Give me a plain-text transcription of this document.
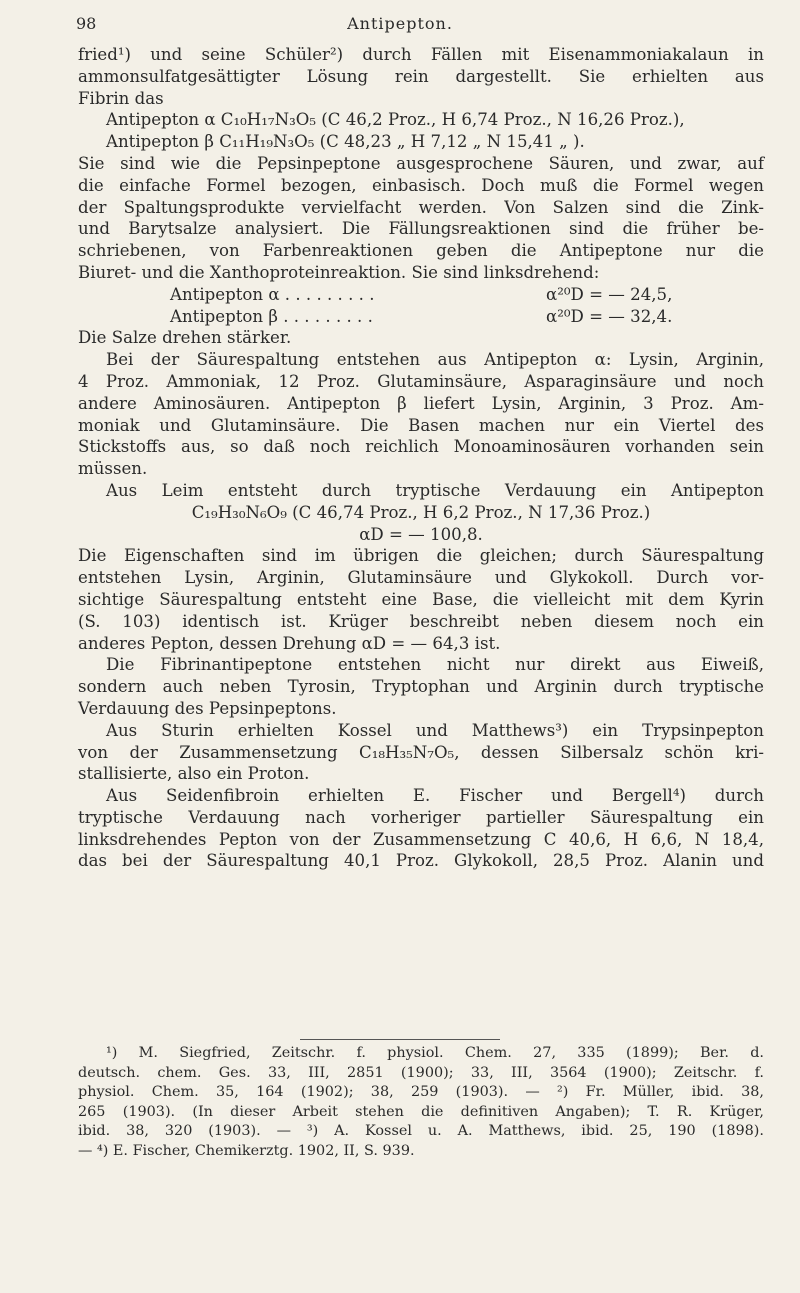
98	Antipepton.
fried¹) und seine Schüler²) durch Fällen mit Eisenammoniakalaun in
ammonsulfatgesättigter Lösung rein dargestellt. Sie erhielten aus
Fibrin das
Antipepton α C₁₀H₁₇N₃O₅ (C 46,2 Proz., H 6,74 Proz., N 16,26 Proz.),
Antipepton β C₁₁H₁₉N₃O₅ (C 48,23 „ H 7,12 „ N 15,41 „ ).
Sie sind wie die Pepsinpeptone ausgesprochene Säuren, und zwar, auf
die einfache Formel bezogen, einbasisch. Doch muß die Formel wegen
der Spaltungsprodukte vervielfacht werden. Von Salzen sind die Zink-
und Barytsalze analysiert. Die Fällungsreaktionen sind die früher be-
schriebenen, von Farbenreaktionen geben die Antipeptone nur die
Biuret- und die Xanthoproteinreaktion. Sie sind linksdrehend:
Antipepton α . . . . . . . . .	α²⁰D = — 24,5,
Antipepton β . . . . . . . . .	α²⁰D = — 32,4.
Die Salze drehen stärker.
Bei der Säurespaltung entstehen aus Antipepton α: Lysin, Arginin,
4 Proz. Ammoniak, 12 Proz. Glutaminsäure, Asparaginsäure und noch
andere Aminosäuren. Antipepton β liefert Lysin, Arginin, 3 Proz. Am-
moniak und Glutaminsäure. Die Basen machen nur ein Viertel des
Stickstoffs aus, so daß noch reichlich Monoaminosäuren vorhanden sein
müssen.
Aus Leim entsteht durch tryptische Verdauung ein Antipepton
C₁₉H₃₀N₆O₉ (C 46,74 Proz., H 6,2 Proz., N 17,36 Proz.)
αD = — 100,8.
Die Eigenschaften sind im übrigen die gleichen; durch Säurespaltung
entstehen Lysin, Arginin, Glutaminsäure und Glykokoll. Durch vor-
sichtige Säurespaltung entsteht eine Base, die vielleicht mit dem Kyrin
(S. 103) identisch ist. Krüger beschreibt neben diesem noch ein
anderes Pepton, dessen Drehung αD = — 64,3 ist.
Die Fibrinantipeptone entstehen nicht nur direkt aus Eiweiß,
sondern auch neben Tyrosin, Tryptophan und Arginin durch tryptische
Verdauung des Pepsinpeptons.
Aus Sturin erhielten Kossel und Matthews³) ein Trypsinpepton
von der Zusammensetzung C₁₈H₃₅N₇O₅, dessen Silbersalz schön kri-
stallisierte, also ein Proton.
Aus Seidenfibroin erhielten E. Fischer und Bergell⁴) durch
tryptische Verdauung nach vorheriger partieller Säurespaltung ein
linksdrehendes Pepton von der Zusammensetzung C 40,6, H 6,6, N 18,4,
das bei der Säurespaltung 40,1 Proz. Glykokoll, 28,5 Proz. Alanin und
¹) M. Siegfried, Zeitschr. f. physiol. Chem. 27, 335 (1899); Ber. d.
deutsch. chem. Ges. 33, III, 2851 (1900); 33, III, 3564 (1900); Zeitschr. f.
physiol. Chem. 35, 164 (1902); 38, 259 (1903). — ²) Fr. Müller, ibid. 38,
265 (1903). (In dieser Arbeit stehen die definitiven Angaben); T. R. Krüger,
ibid. 38, 320 (1903). — ³) A. Kossel u. A. Matthews, ibid. 25, 190 (1898).
— ⁴) E. Fischer, Chemikerztg. 1902, II, S. 939.
